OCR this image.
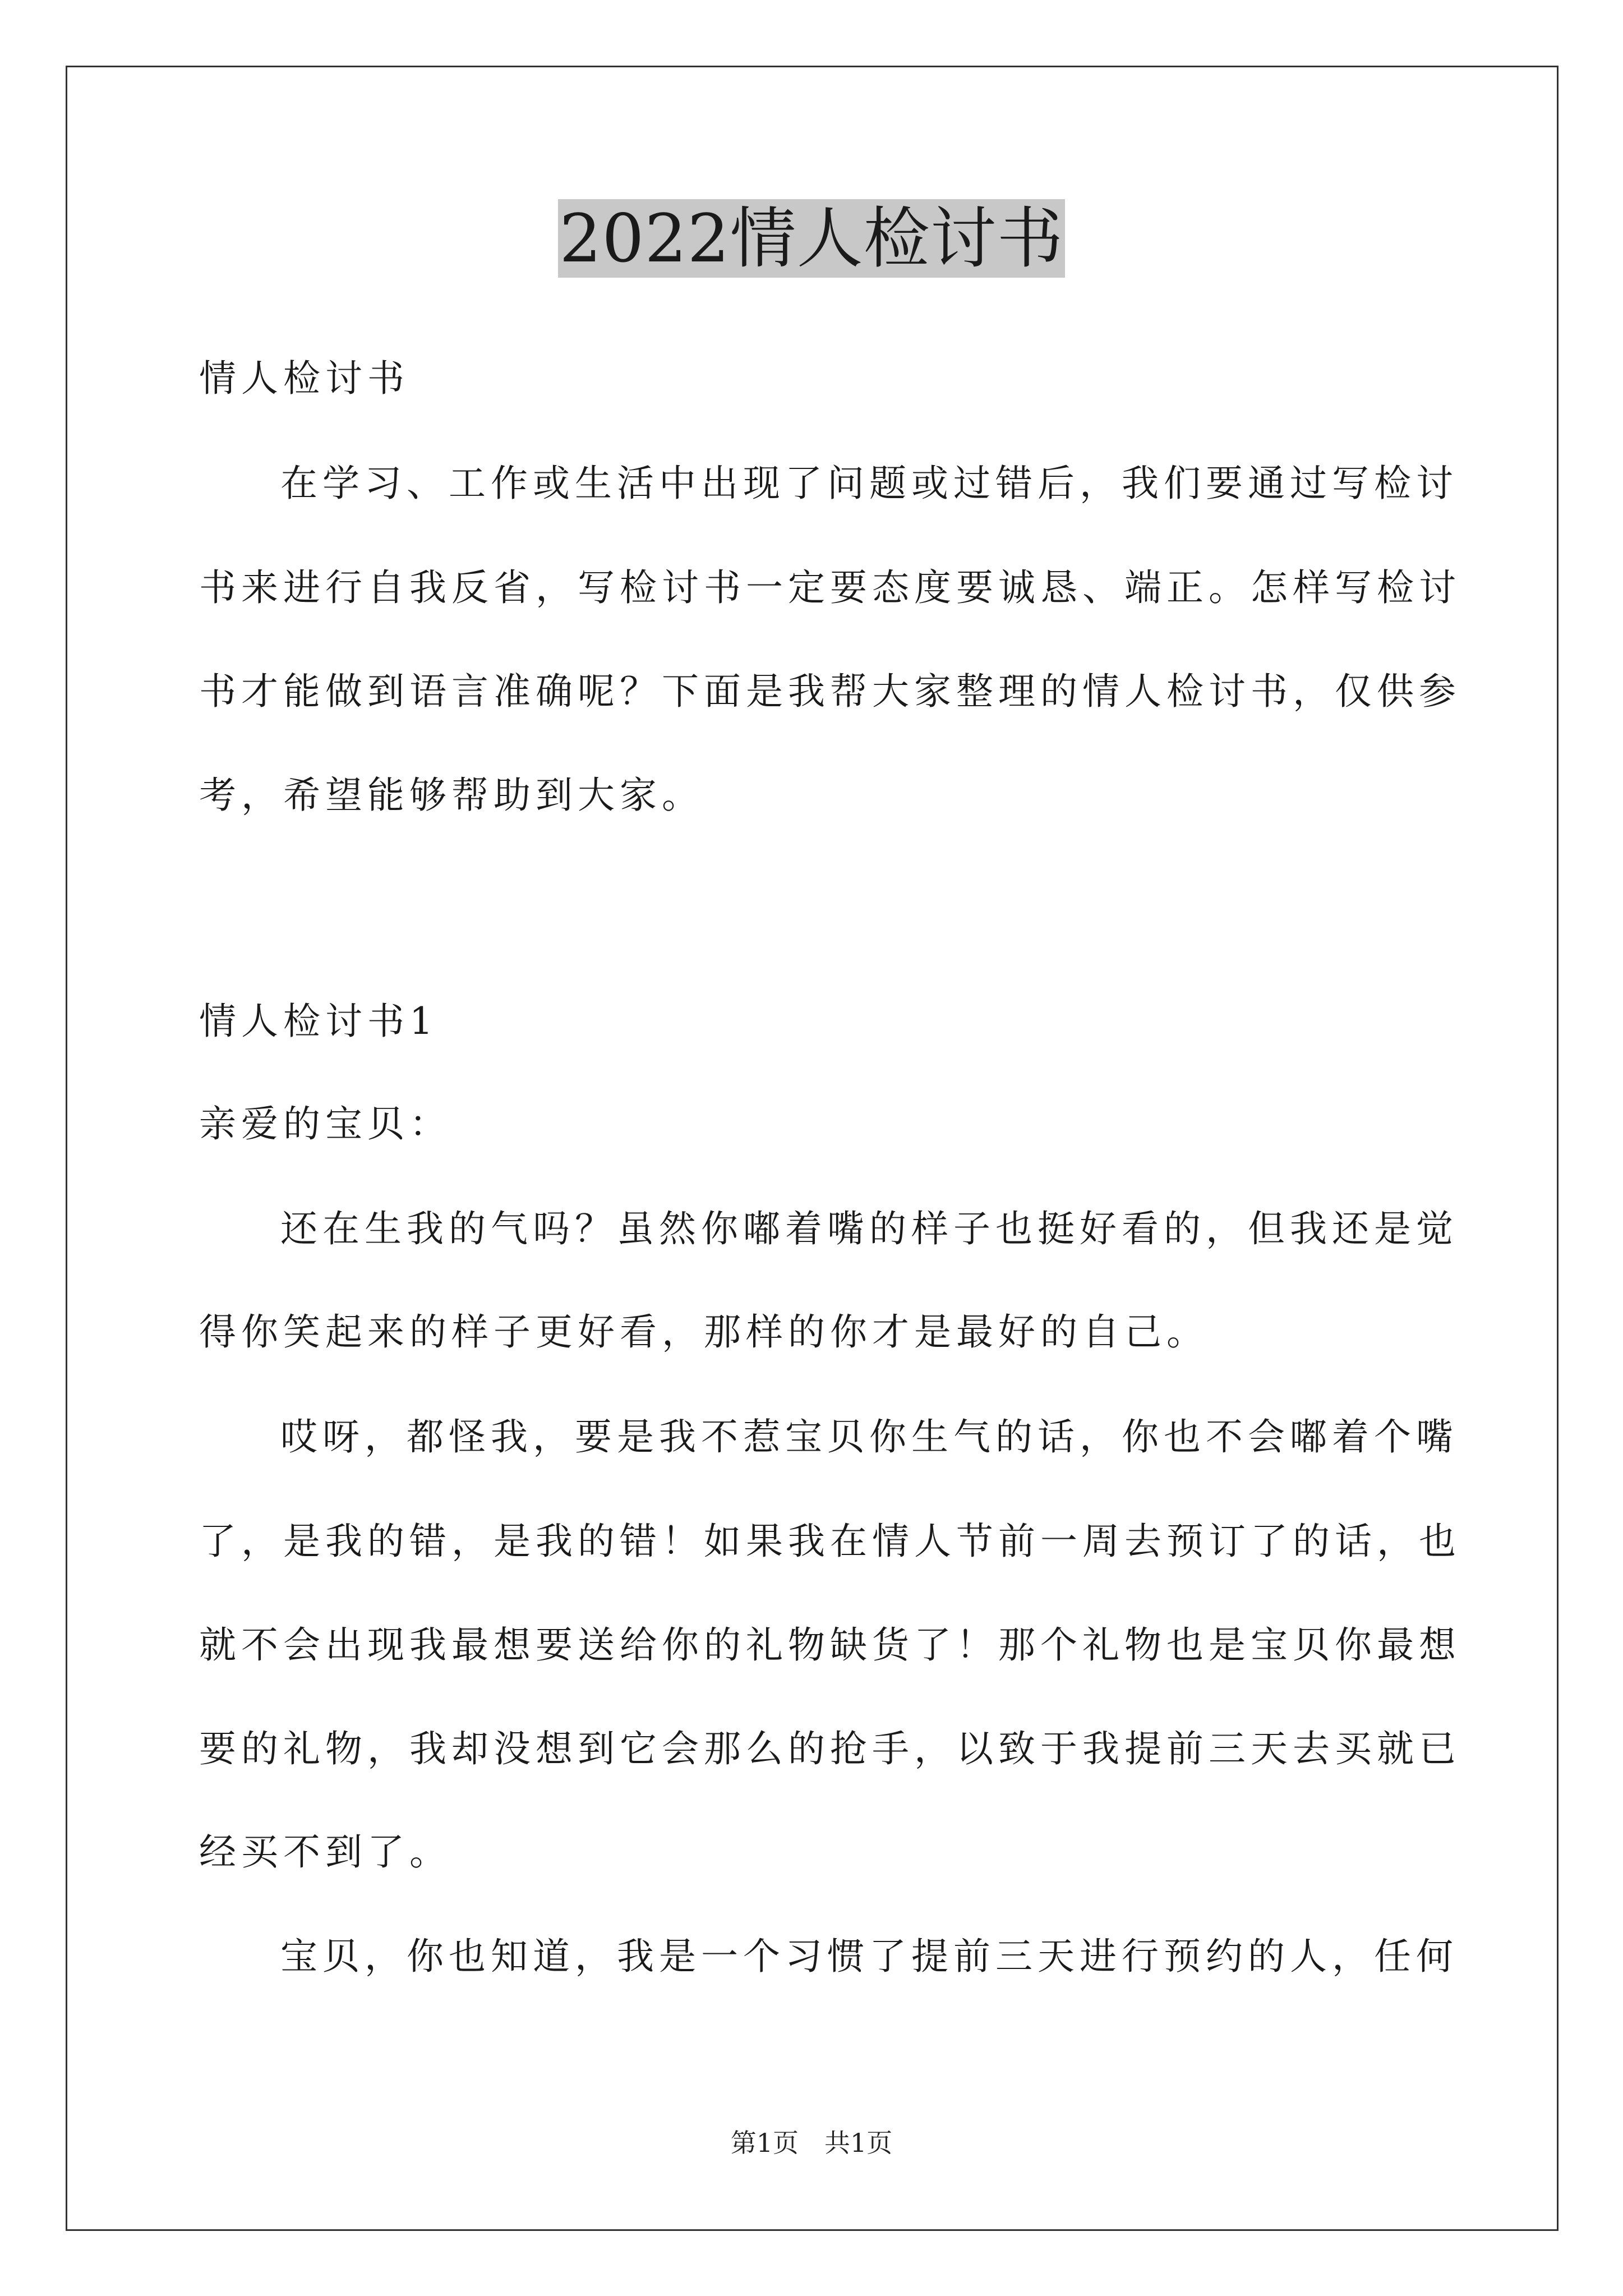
2022情人检讨书
情人检讨书
在学习、工作或生活中出现了问题或过错后，我们要通过写检讨
书来进行自我反省，写检讨书一定要态度要诚恳、端正。怎样写检讨
书才能做到语言准确呢？下面是我帮大家整理的情人检讨书，仅供参
考，希望能够帮助到大家。
情人检讨书1
亲爱的宝贝：
还在生我的气吗？虽然你嘟着嘴的样子也挺好看的，但我还是觉
得你笑起来的样子更好看，那样的你才是最好的自己。
哎呀，都怪我，要是我不惹宝贝你生气的话，你也不会嘟着个嘴
了，是我的错，是我的错！如果我在情人节前一周去预订了的话，也
就不会出现我最想要送给你的礼物缺货了！那个礼物也是宝贝你最想
要的礼物，我却没想到它会那么的抢手，以致于我提前三天去买就已
经买不到了。
宝贝，你也知道，我是一个习惯了提前三天进行预约的人，任何
第1页　共1页
